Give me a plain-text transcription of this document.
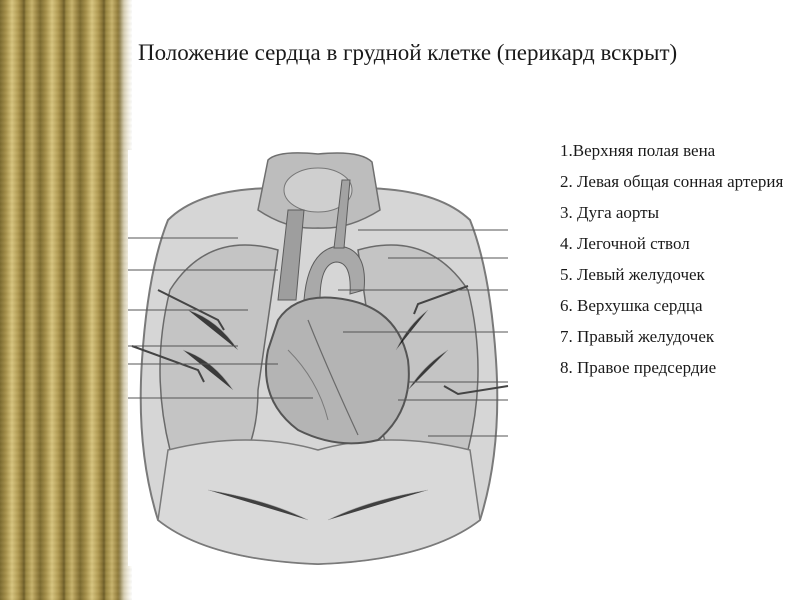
Положение сердца в грудной клетке (перикард вскрыт)
1.Верхняя полая вена
2. Левая общая сонная артерия
3. Дуга аорты
4. Легочной ствол
5. Левый желудочек
6. Верхушка сердца
7. Правый желудочек
8. Правое предсердие
